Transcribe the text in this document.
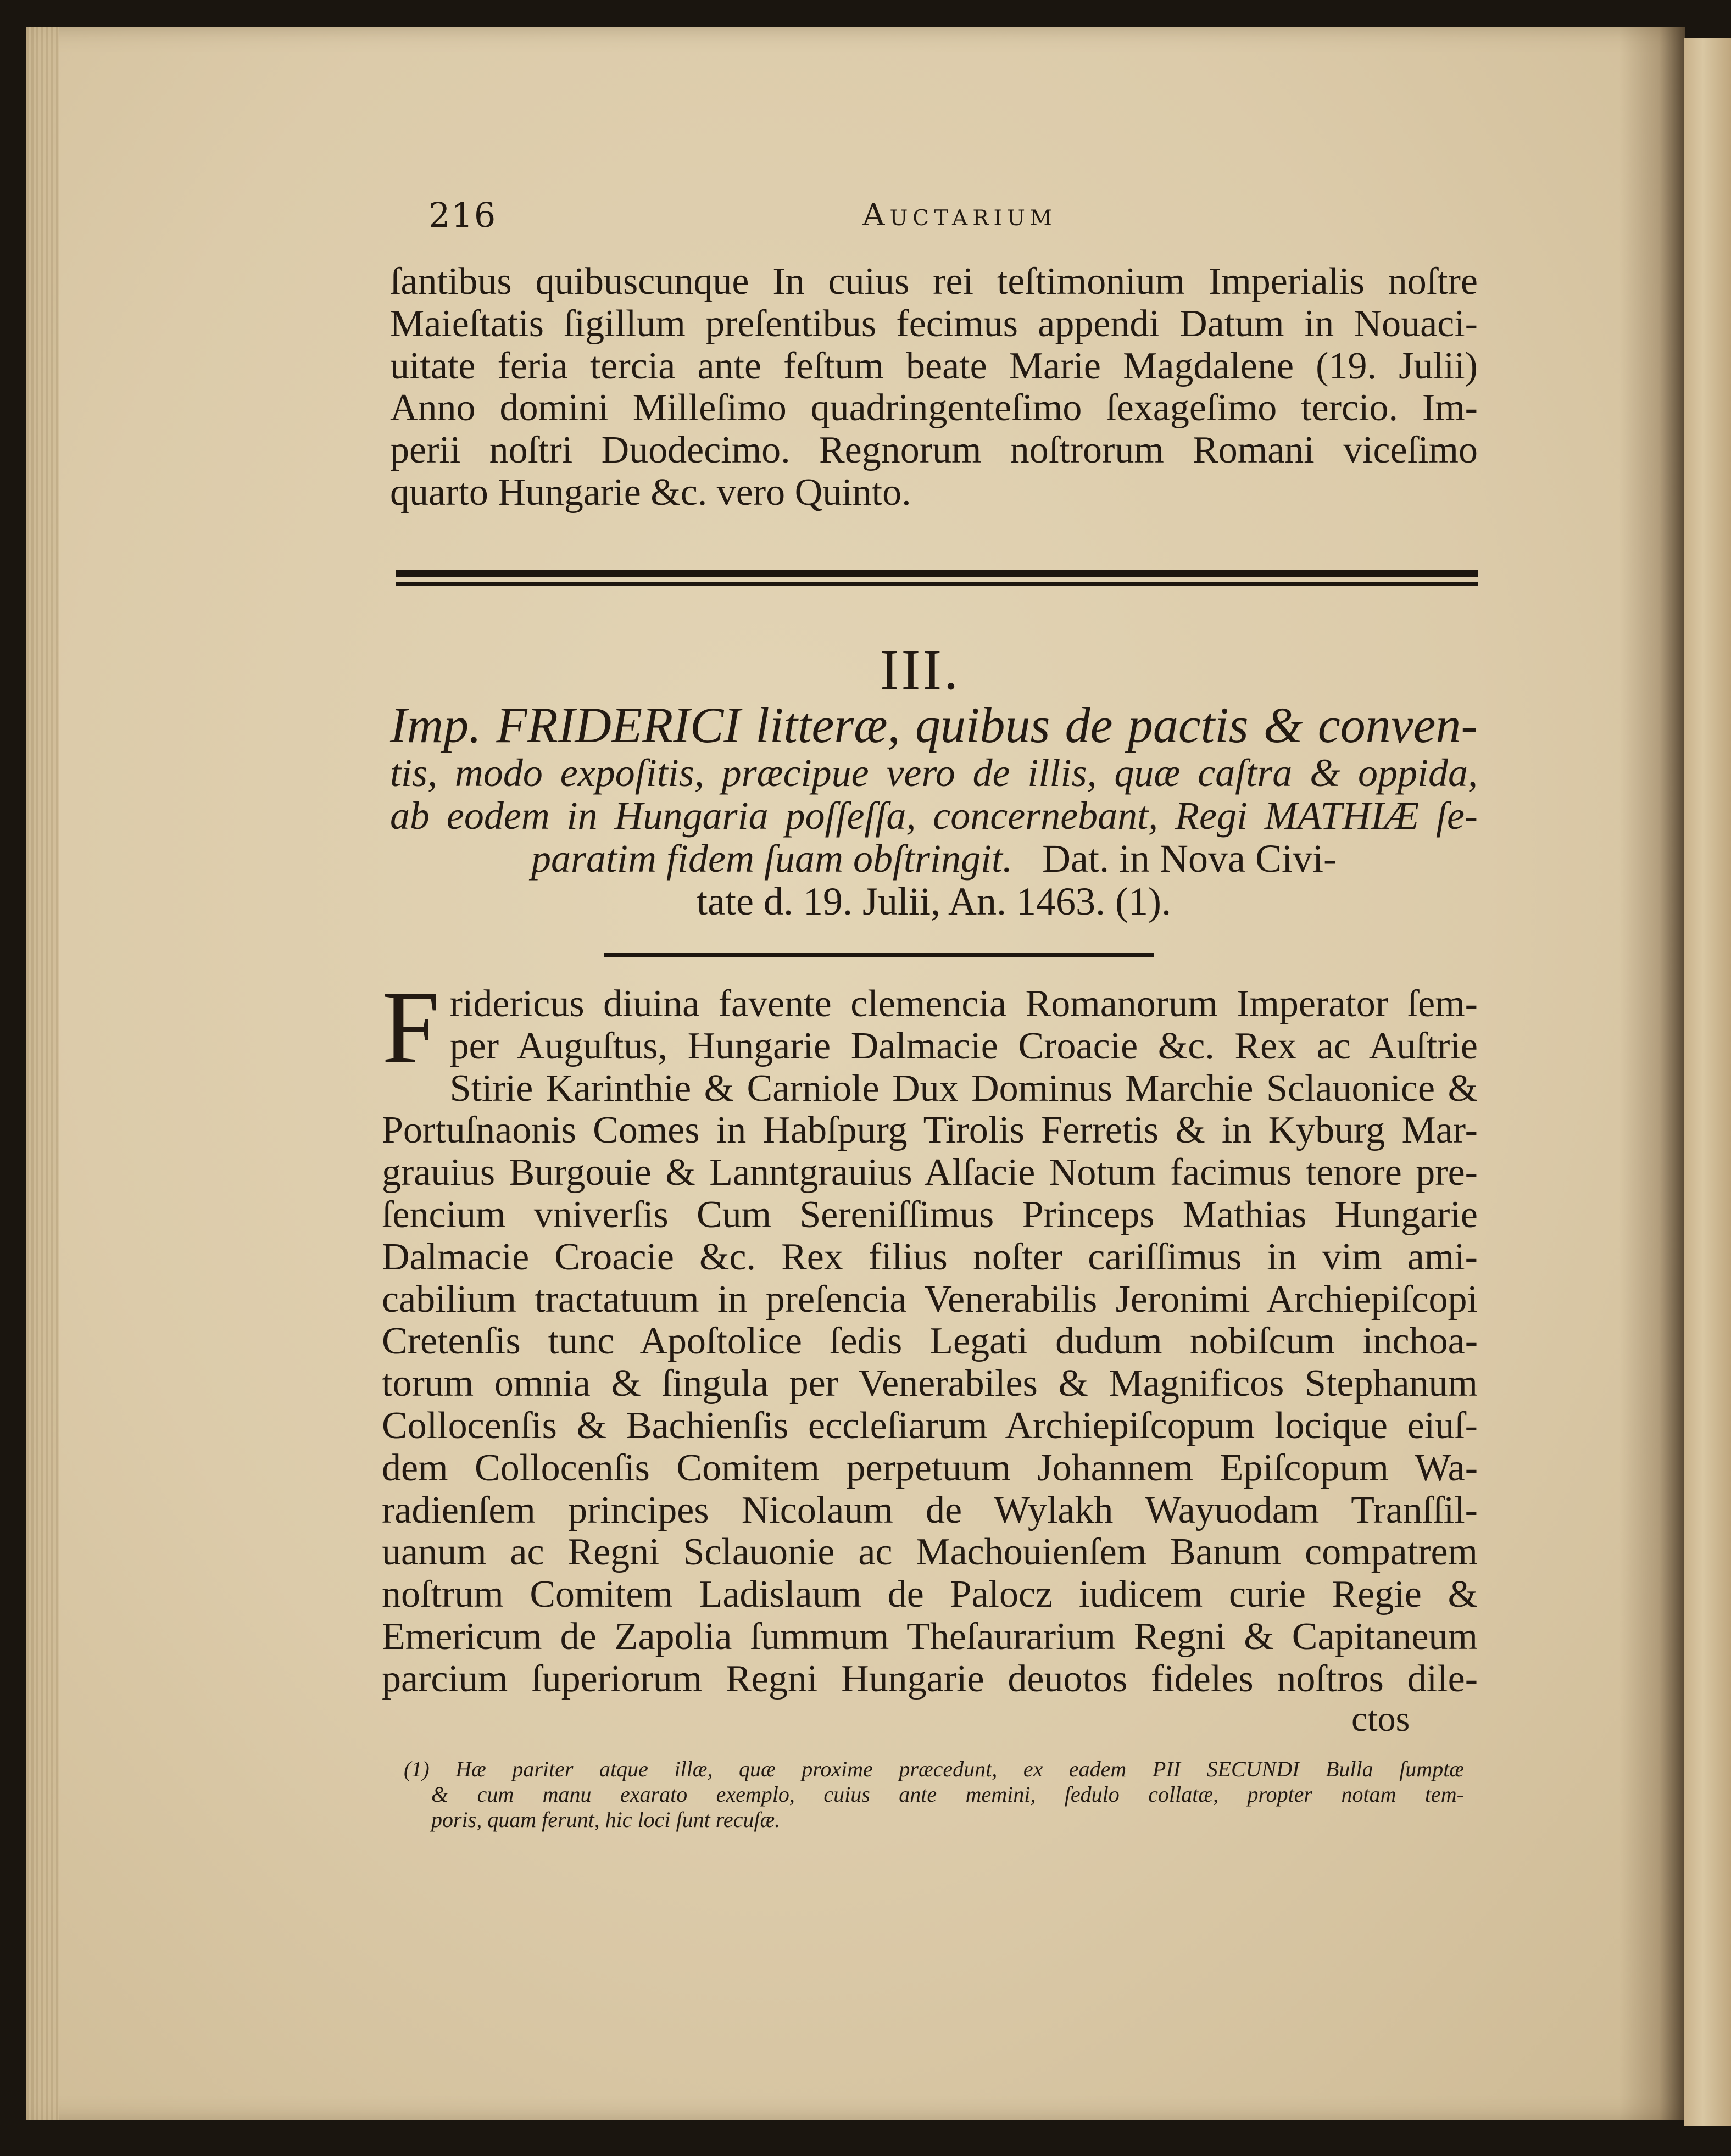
216	Auctarium
ſantibus quibuscunque In cuius rei teſtimonium Imperialis noſtre
Maieſtatis ſigillum preſentibus fecimus appendi Datum in Nouaci-
uitate feria tercia ante feſtum beate Marie Magdalene (19. Julii)
Anno domini Milleſimo quadringenteſimo ſexageſimo tercio. Im-
perii noſtri Duodecimo. Regnorum noſtrorum Romani viceſimo
quarto Hungarie &c. vero Quinto.
III.
Imp. FRIDERICI litteræ, quibus de pactis & conven-
tis, modo expoſitis, præcipue vero de illis, quæ caſtra & oppida,
ab eodem in Hungaria poſſeſſa, concernebant, Regi MATHIÆ ſe-
paratim fidem ſuam obſtringit. Dat. in Nova Civi-
tate d. 19. Julii, An. 1463. (1).
F ridericus diuina favente clemencia Romanorum Imperator ſem-
per Auguſtus, Hungarie Dalmacie Croacie &c. Rex ac Auſtrie
Stirie Karinthie & Carniole Dux Dominus Marchie Sclauonice &
Portuſnaonis Comes in Habſpurg Tirolis Ferretis & in Kyburg Mar-
grauius Burgouie & Lanntgrauius Alſacie Notum facimus tenore pre-
ſencium vniverſis Cum Sereniſſimus Princeps Mathias Hungarie
Dalmacie Croacie &c. Rex filius noſter cariſſimus in vim ami-
cabilium tractatuum in preſencia Venerabilis Jeronimi Archiepiſcopi
Cretenſis tunc Apoſtolice ſedis Legati dudum nobiſcum inchoa-
torum omnia & ſingula per Venerabiles & Magnificos Stephanum
Collocenſis & Bachienſis eccleſiarum Archiepiſcopum locique eiuſ-
dem Collocenſis Comitem perpetuum Johannem Epiſcopum Wa-
radienſem principes Nicolaum de Wylakh Wayuodam Tranſſil-
uanum ac Regni Sclauonie ac Machouienſem Banum compatrem
noſtrum Comitem Ladislaum de Palocz iudicem curie Regie &
Emericum de Zapolia ſummum Theſaurarium Regni & Capitaneum
parcium ſuperiorum Regni Hungarie deuotos fideles noſtros dile-
ctos
(1) Hæ pariter atque illæ, quæ proxime præcedunt, ex eadem PII SECUNDI Bulla ſumptæ
& cum manu exarato exemplo, cuius ante memini, ſedulo collatæ, propter notam tem-
poris, quam ferunt, hic loci ſunt recuſæ.
